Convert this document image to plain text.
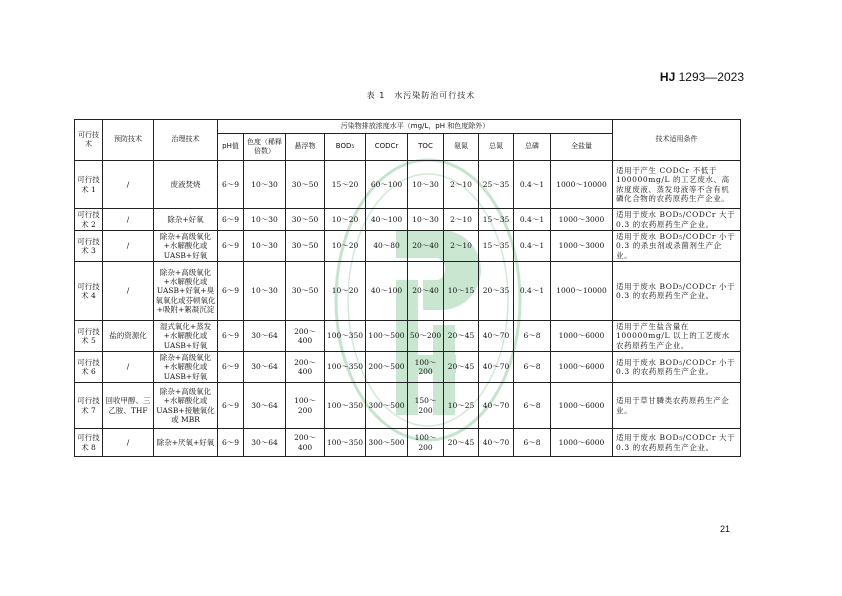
HJ 1293—2023
表 1　水污染防治可行技术
可行技术	预防技术	治理技术	污染物排放浓度水平（mg/L，pH 和色度除外）										技术适用条件
			pH值	色度（稀释倍数）	悬浮物	BOD₅	CODCr	TOC	氨氮	总氮	总磷	全盐量	
可行技术 1	/	废液焚烧	6～9	10～30	30～50	15～20	60～100	10～30	2～10	25～35	0.4～1	1000～10000	适用于产生 CODCr 不低于 100000mg/L 的工艺废水、高浓度废液、蒸发母液等不含有机磷化合物的农药原药生产企业。
可行技术 2	/	除杂+好氧	6～9	10～30	30～50	10～20	40～100	10～30	2～10	15～35	0.4～1	1000～3000	适用于废水 BOD₅/CODCr 大于 0.3 的农药原药生产企业。
可行技术 3	/	除杂+高级氧化+水解酸化或 UASB+好氧	6～9	10～30	30～50	10～20	40～80	20～40	2～10	15～35	0.4～1	1000～3000	适用于废水 BOD₅/CODCr 小于 0.3 的杀虫剂或杀菌剂生产企业。
可行技术 4	/	除杂+高级氧化+水解酸化或 UASB+好氧+臭氧氧化或芬顿氧化+吸附+絮凝沉淀	6～9	10～30	30～50	10～20	40～100	20～40	10～15	20～35	0.4～1	1000～10000	适用于废水 BOD₅/CODCr 小于 0.3 的农药原药生产企业。
可行技术 5	盐的资源化	湿式氧化+蒸发+水解酸化或 UASB+好氧	6～9	30～64	200～400	100～350	100～500	50～200	20～45	40～70	6～8	1000～6000	适用于产生盐含量在 100000mg/L 以上的工艺废水农药原药生产企业。
可行技术 6	/	除杂+高级氧化+水解酸化或 UASB+好氧	6～9	30～64	200～400	100～350	200～500	100～200	20～45	40～70	6～8	1000～6000	适用于废水 BOD₅/CODCr 小于 0.3 的农药原药生产企业。
可行技术 7	回收甲醇、三乙胺、THF	除杂+高级氧化+水解酸化或 UASB+接触氧化或 MBR	6～9	30～64	100～200	100～350	300～500	150～200	10～25	40～70	6～8	1000～6000	适用于草甘膦类农药原药生产企业。
可行技术 8	/	除杂+厌氧+好氧	6～9	30～64	200～400	100～350	300～500	100～200	20～45	40～70	6～8	1000～6000	适用于废水 BOD₅/CODCr 大于 0.3 的农药原药生产企业。
21
